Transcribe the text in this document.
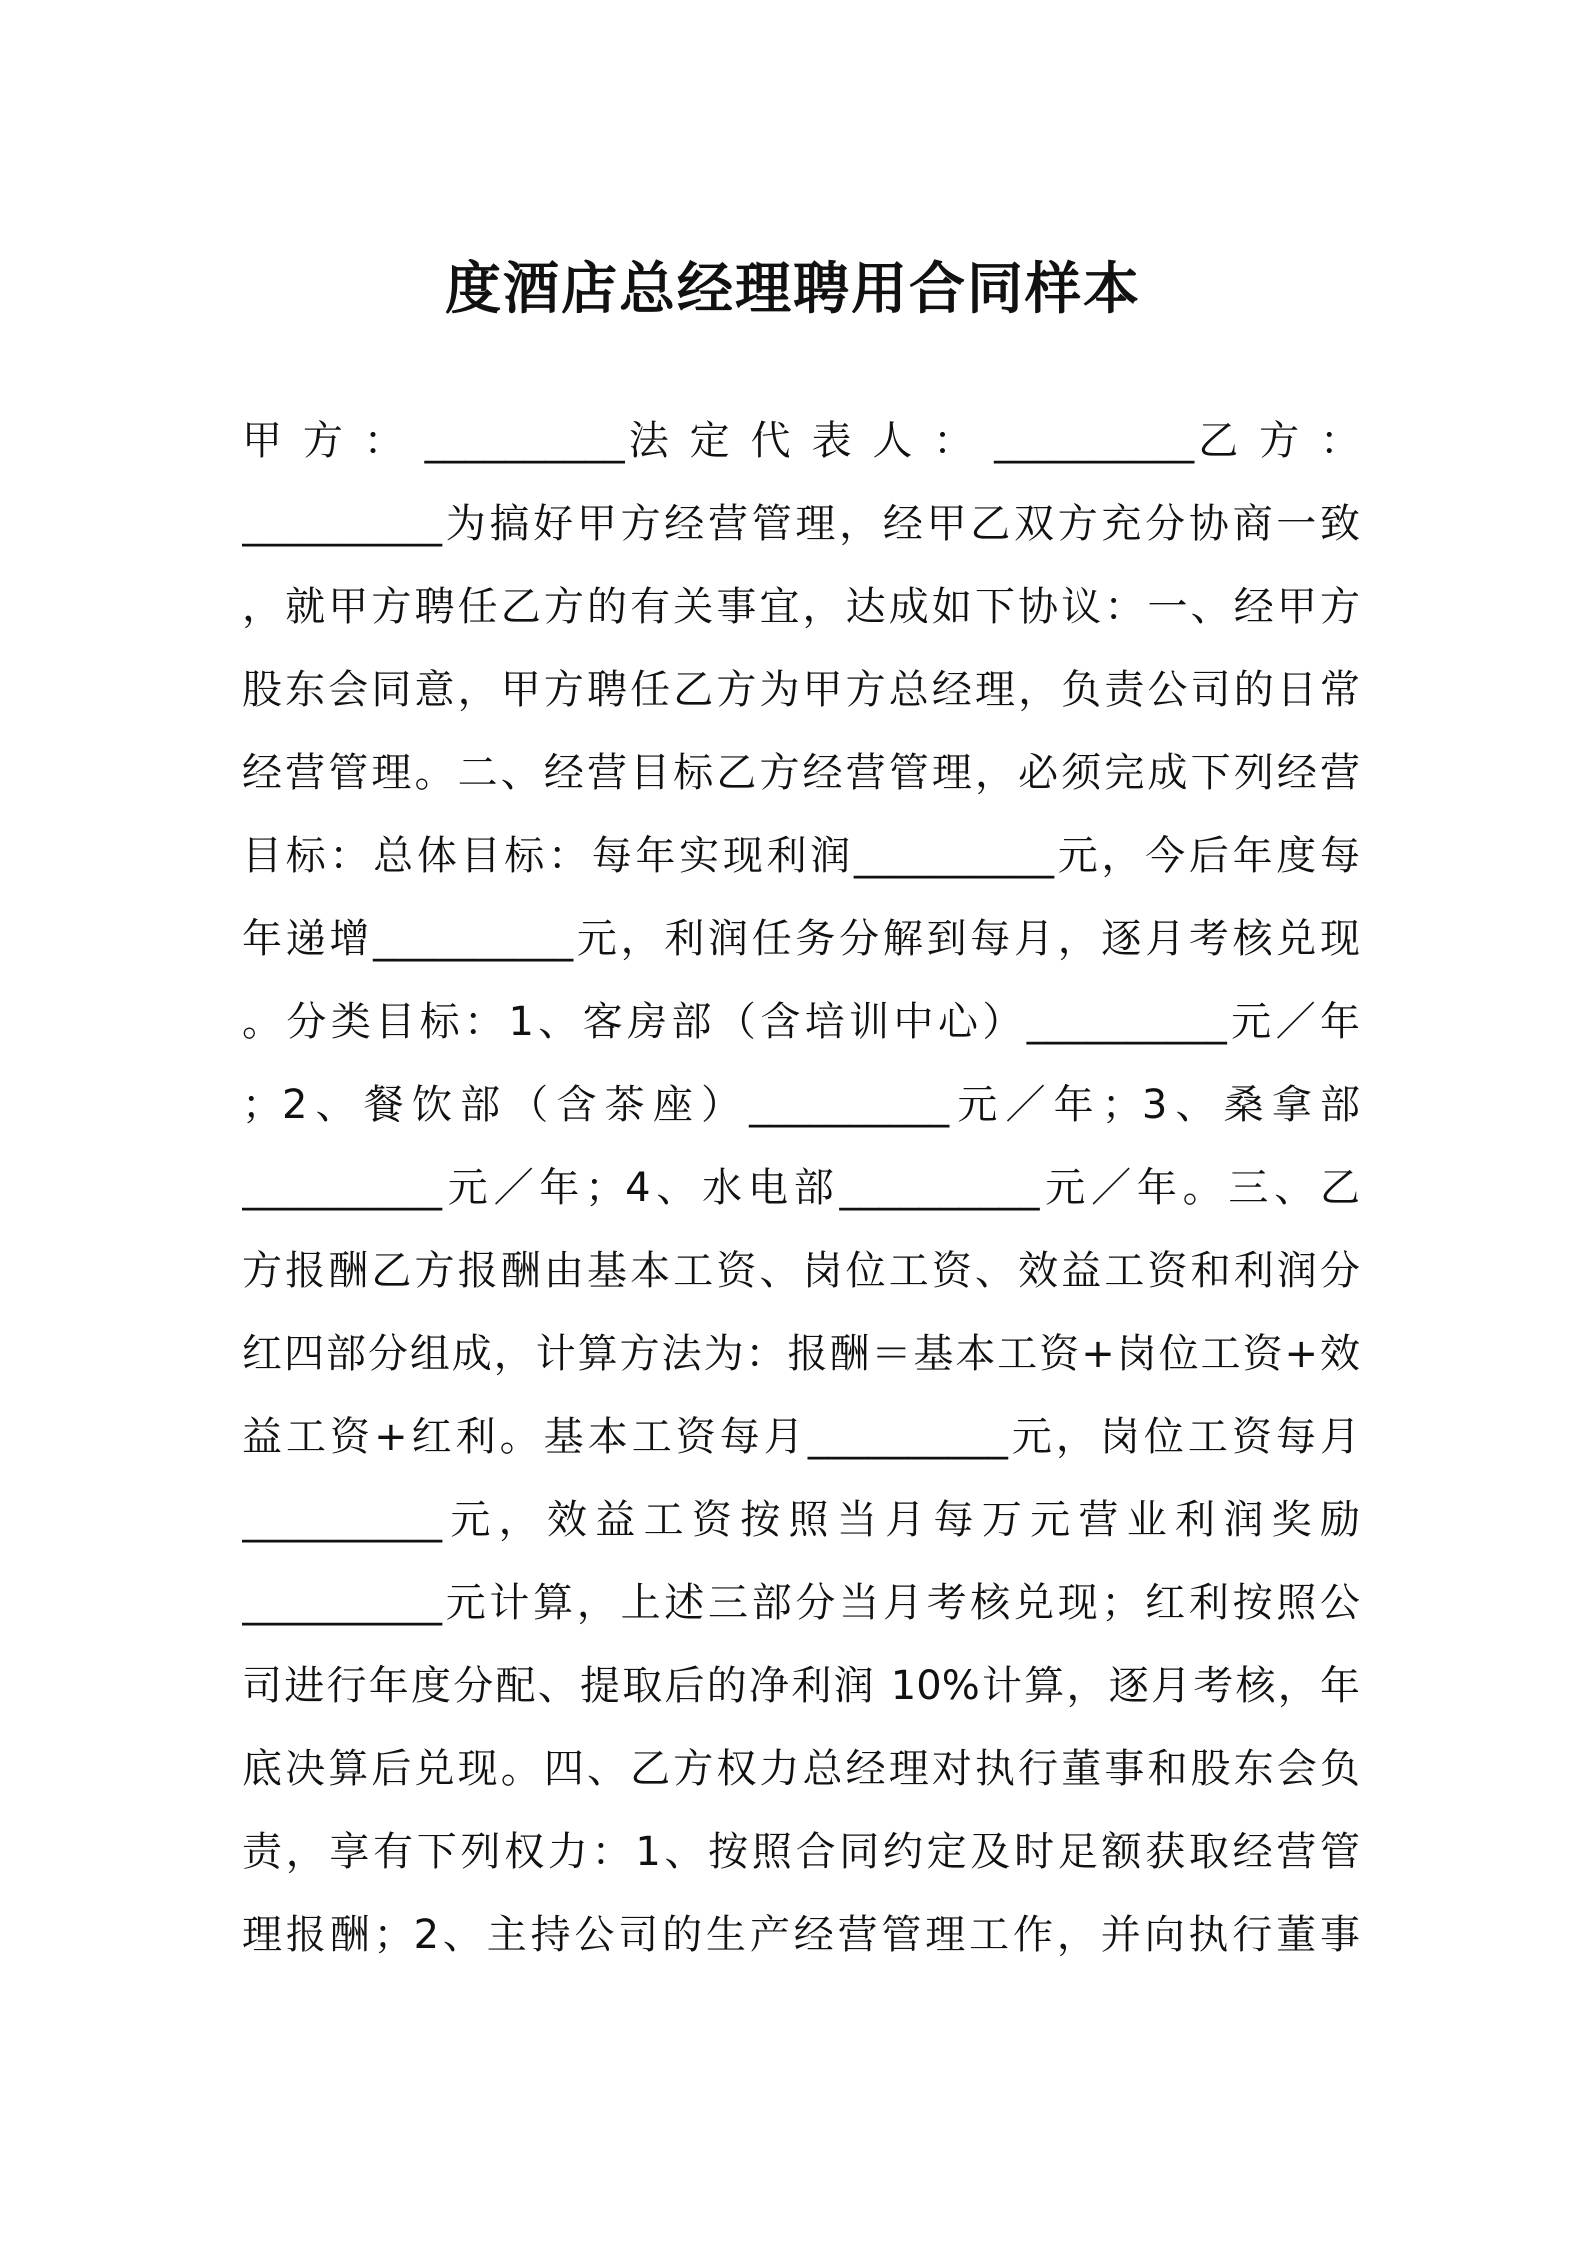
度酒店总经理聘用合同样本
甲 方 ： __________法 定 代 表 人 ： __________乙 方 ：
__________为搞好甲方经营管理，经甲乙双方充分协商一致
，就甲方聘任乙方的有关事宜，达成如下协议：一、经甲方
股东会同意，甲方聘任乙方为甲方总经理，负责公司的日常
经营管理。二、经营目标乙方经营管理，必须完成下列经营
目标：总体目标：每年实现利润__________元，今后年度每
年递增__________元，利润任务分解到每月，逐月考核兑现
。分类目标：1、客房部（含培训中心）__________元／年
；2、餐饮部（含茶座）__________元／年；3、桑拿部
__________元／年；4、水电部__________元／年。三、乙
方报酬乙方报酬由基本工资、岗位工资、效益工资和利润分
红四部分组成，计算方法为：报酬＝基本工资+岗位工资+效
益工资+红利。基本工资每月__________元，岗位工资每月
__________元，效益工资按照当月每万元营业利润奖励
__________元计算，上述三部分当月考核兑现；红利按照公
司进行年度分配、提取后的净利润 10%计算，逐月考核，年
底决算后兑现。四、乙方权力总经理对执行董事和股东会负
责，享有下列权力：1、按照合同约定及时足额获取经营管
理报酬；2、主持公司的生产经营管理工作，并向执行董事
